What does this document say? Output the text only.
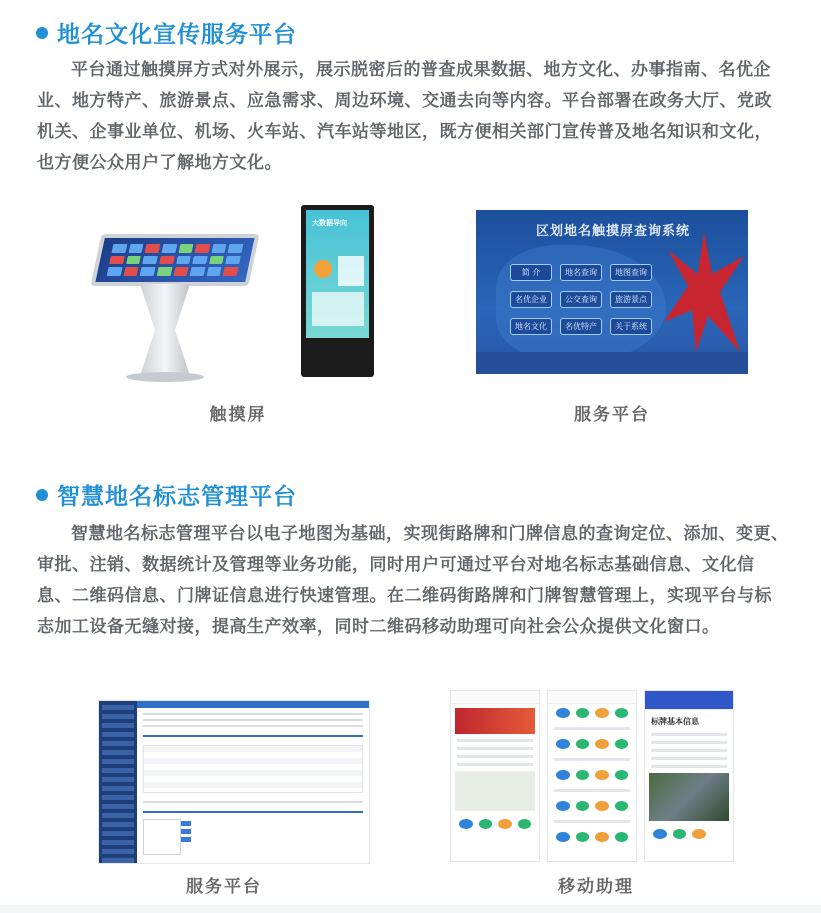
地名文化宣传服务平台

平台通过触摸屏方式对外展示，展示脱密后的普查成果数据、地方文化、办事指南、名优企业、地方特产、旅游景点、应急需求、周边环境、交通去向等内容。平台部署在政务大厅、党政机关、企事业单位、机场、火车站、汽车站等地区，既方便相关部门宣传普及地名知识和文化，也方便公众用户了解地方文化。

大数据导向
区划地名触摸屏查询系统
简 介	地名查询	地图查询
名优企业	公交查询	旅游景点
地名文化	名优特产	关于系统
触摸屏	服务平台
智慧地名标志管理平台

智慧地名标志管理平台以电子地图为基础，实现街路牌和门牌信息的查询定位、添加、变更、审批、注销、数据统计及管理等业务功能，同时用户可通过平台对地名标志基础信息、文化信息、二维码信息、门牌证信息进行快速管理。在二维码街路牌和门牌智慧管理上，实现平台与标志加工设备无缝对接，提高生产效率，同时二维码移动助理可向社会公众提供文化窗口。

标牌基本信息
服务平台	移动助理
